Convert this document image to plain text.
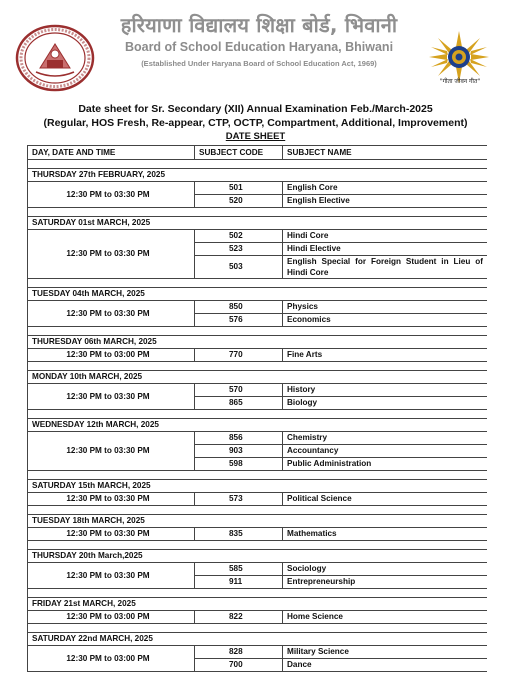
हरियाणा विद्यालय शिक्षा बोर्ड, भिवानी
Board of School Education Haryana, Bhiwani
(Established Under Haryana Board of School Education Act, 1969)
"गीता जीवन गीत"
Date sheet for Sr. Secondary (XII) Annual Examination Feb./March-2025
(Regular, HOS Fresh, Re-appear, CTP, OCTP, Compartment, Additional, Improvement)
DATE SHEET
DAY, DATE AND TIME	SUBJECT CODE	SUBJECT NAME

THURSDAY 27th FEBRUARY, 2025		
12:30 PM to 03:30 PM	501	English Core
	520	English Elective

SATURDAY 01st MARCH, 2025		
12:30 PM to 03:30 PM	502	Hindi Core
	523	Hindi Elective
	503	English Special for Foreign Student in Lieu of Hindi Core

TUESDAY 04th MARCH, 2025		
12:30 PM to 03:30 PM	850	Physics
	576	Economics

THURESDAY 06th MARCH, 2025		
12:30 PM to 03:00 PM	770	Fine Arts

MONDAY 10th MARCH, 2025		
12:30 PM to 03:30 PM	570	History
	865	Biology

WEDNESDAY 12th MARCH, 2025		
12:30 PM to 03:30 PM	856	Chemistry
	903	Accountancy
	598	Public Administration

SATURDAY 15th MARCH, 2025		
12:30 PM to 03:30 PM	573	Political Science

TUESDAY 18th MARCH, 2025		
12:30 PM to 03:30 PM	835	Mathematics

THURSDAY 20th March,2025		
12:30 PM to 03:30 PM	585	Sociology
	911	Entrepreneurship

FRIDAY 21st MARCH, 2025		
12:30 PM to 03:00 PM	822	Home Science

SATURDAY 22nd MARCH, 2025		
12:30 PM to 03:00 PM	828	Military Science
	700	Dance
